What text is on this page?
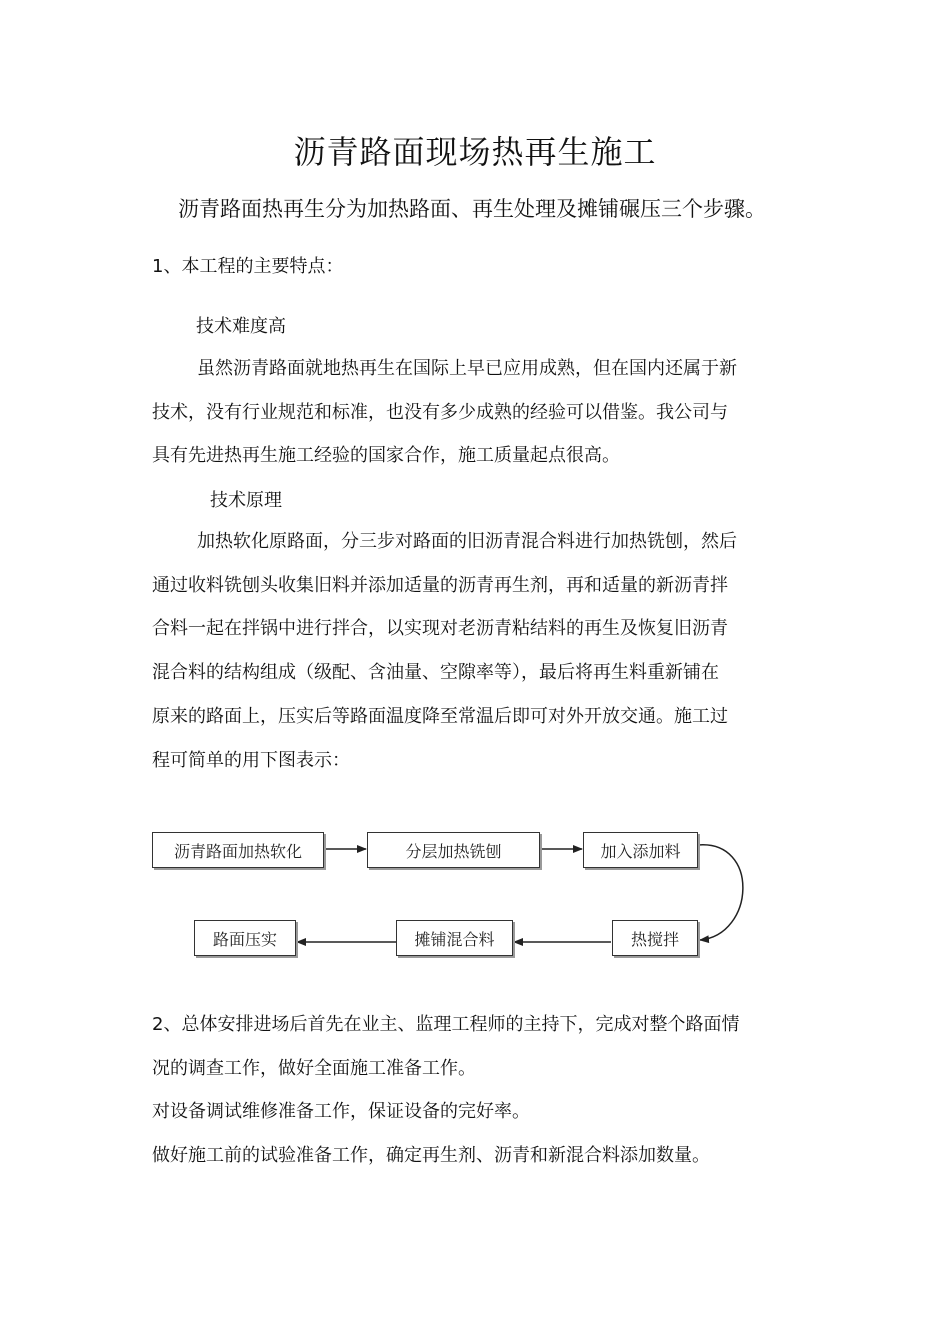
沥青路面现场热再生施工
沥青路面热再生分为加热路面、再生处理及摊铺碾压三个步骤。
1、本工程的主要特点：
技术难度高
虽然沥青路面就地热再生在国际上早已应用成熟，但在国内还属于新
技术，没有行业规范和标准，也没有多少成熟的经验可以借鉴。我公司与
具有先进热再生施工经验的国家合作，施工质量起点很高。
技术原理
加热软化原路面，分三步对路面的旧沥青混合料进行加热铣刨，然后
通过收料铣刨头收集旧料并添加适量的沥青再生剂，再和适量的新沥青拌
合料一起在拌锅中进行拌合，以实现对老沥青粘结料的再生及恢复旧沥青
混合料的结构组成（级配、含油量、空隙率等），最后将再生料重新铺在
原来的路面上，压实后等路面温度降至常温后即可对外开放交通。施工过
程可简单的用下图表示：
沥青路面加热软化	分层加热铣刨	加入添加料
热搅拌
摊铺混合料
路面压实
2、总体安排进场后首先在业主、监理工程师的主持下，完成对整个路面情
况的调查工作，做好全面施工准备工作。
对设备调试维修准备工作，保证设备的完好率。
做好施工前的试验准备工作，确定再生剂、沥青和新混合料添加数量。
